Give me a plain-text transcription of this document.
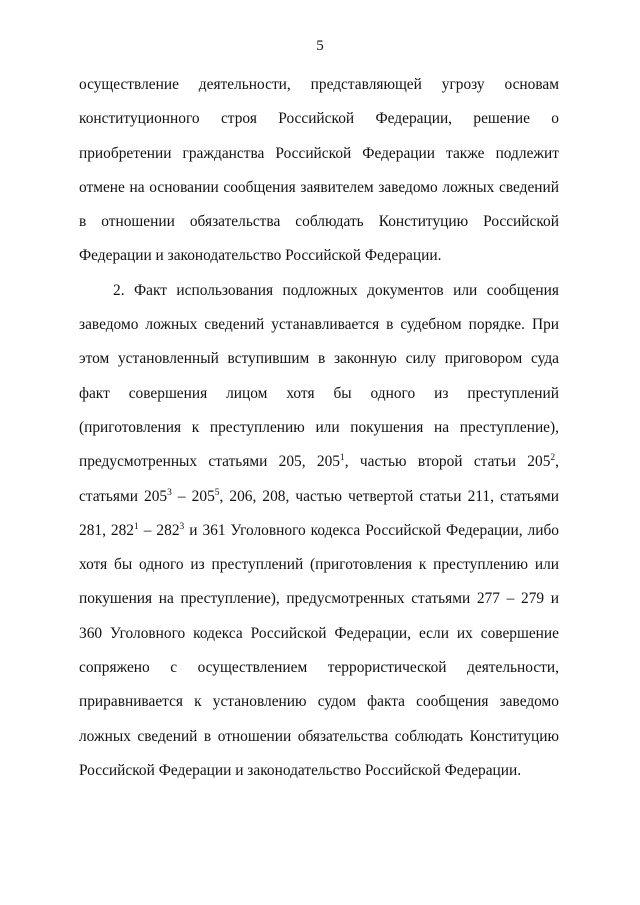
5

осуществление деятельности, представляющей угрозу основам конституционного строя Российской Федерации, решение о приобретении гражданства Российской Федерации также подлежит отмене на основании сообщения заявителем заведомо ложных сведений в отношении обязательства соблюдать Конституцию Российской Федерации и законодательство Российской Федерации.

2. Факт использования подложных документов или сообщения заведомо ложных сведений устанавливается в судебном порядке. При этом установленный вступившим в законную силу приговором суда факт совершения лицом хотя бы одного из преступлений (приготовления к преступлению или покушения на преступление), предусмотренных статьями 205, $205^1$, частью второй статьи $205^2$, статьями $205^3 - 205^5$, 206, 208, частью четвертой статьи 211, статьями 281, $282^1 - 282^3$ и 361 Уголовного кодекса Российской Федерации, либо хотя бы одного из преступлений (приготовления к преступлению или покушения на преступление), предусмотренных статьями 277 – 279 и 360 Уголовного кодекса Российской Федерации, если их совершение сопряжено с осуществлением террористической деятельности, приравнивается к установлению судом факта сообщения заведомо ложных сведений в отношении обязательства соблюдать Конституцию Российской Федерации и законодательство Российской Федерации.
